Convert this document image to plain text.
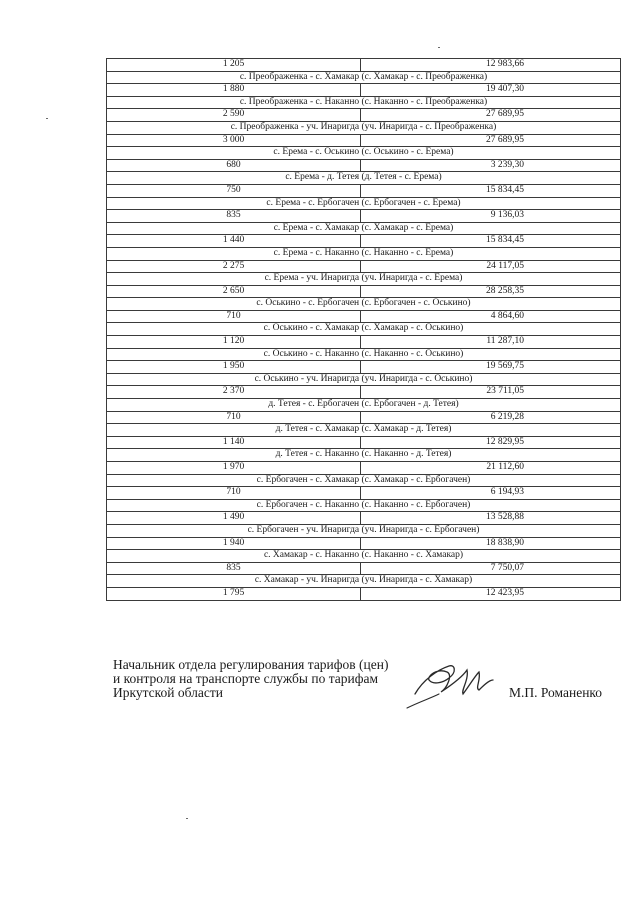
1 205	12 983,66
с. Преображенка - с. Хамакар (с. Хамакар - с. Преображенка)	
1 880	19 407,30
с. Преображенка - с. Наканно (с. Наканно - с. Преображенка)	
2 590	27 689,95
с. Преображенка - уч. Инаригда (уч. Инаригда - с. Преображенка)	
3 000	27 689,95
с. Ерема - с. Оськино (с. Оськино - с. Ерема)	
680	3 239,30
с. Ерема - д. Тетея (д. Тетея - с. Ерема)	
750	15 834,45
с. Ерема - с. Ербогачен (с. Ербогачен - с. Ерема)	
835	9 136,03
с. Ерема - с. Хамакар (с. Хамакар - с. Ерема)	
1 440	15 834,45
с. Ерема - с. Наканно (с. Наканно - с. Ерема)	
2 275	24 117,05
с. Ерема - уч. Инаригда (уч. Инаригда - с. Ерема)	
2 650	28 258,35
с. Оськино - с. Ербогачен (с. Ербогачен - с. Оськино)	
710	4 864,60
с. Оськино - с. Хамакар (с. Хамакар - с. Оськино)	
1 120	11 287,10
с. Оськино - с. Наканно (с. Наканно - с. Оськино)	
1 950	19 569,75
с. Оськино - уч. Инаригда (уч. Инаригда - с. Оськино)	
2 370	23 711,05
д. Тетея - с. Ербогачен (с. Ербогачен - д. Тетея)	
710	6 219,28
д. Тетея - с. Хамакар (с. Хамакар - д. Тетея)	
1 140	12 829,95
д. Тетея - с. Наканно (с. Наканно - д. Тетея)	
1 970	21 112,60
с. Ербогачен - с. Хамакар (с. Хамакар - с. Ербогачен)	
710	6 194,93
с. Ербогачен - с. Наканно (с. Наканно - с. Ербогачен)	
1 490	13 528,88
с. Ербогачен - уч. Инаригда (уч. Инаригда - с. Ербогачен)	
1 940	18 838,90
с. Хамакар - с. Наканно (с. Наканно - с. Хамакар)	
835	7 750,07
с. Хамакар - уч. Инаригда (уч. Инаригда - с. Хамакар)	
1 795	12 423,95
Начальник отдела регулирования тарифов (цен)
и контроля на транспорте службы по тарифам
Иркутской области	М.П. Романенко
